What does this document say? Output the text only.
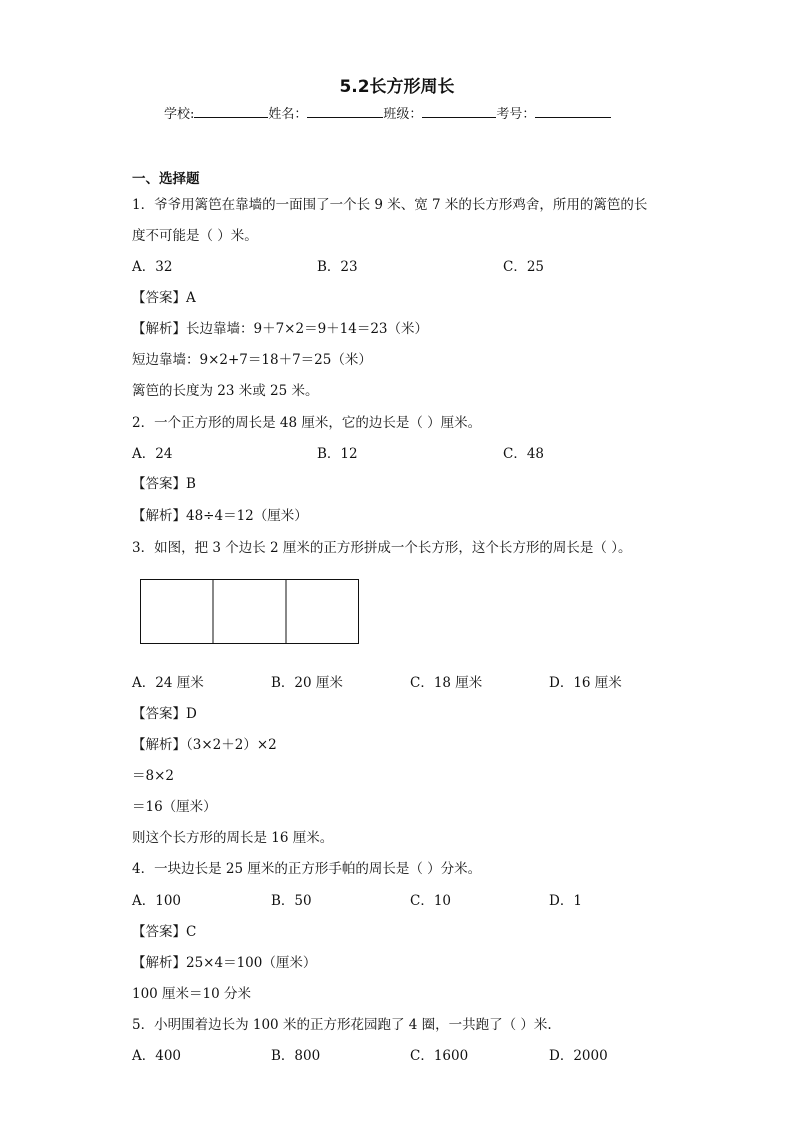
5.2长方形周长
学校:	姓名：	班级：	考号：
一、选择题
1．爷爷用篱笆在靠墙的一面围了一个长 9 米、宽 7 米的长方形鸡舍，所用的篱笆的长
度不可能是（ ）米。
A．32	B．23	C．25
【答案】A
【解析】长边靠墙：9＋7×2＝9＋14＝23（米）
短边靠墙：9×2+7＝18＋7＝25（米）
篱笆的长度为 23 米或 25 米。
2．一个正方形的周长是 48 厘米，它的边长是（ ）厘米。
A．24	B．12	C．48
【答案】B
【解析】48÷4＝12（厘米）
3．如图，把 3 个边长 2 厘米的正方形拼成一个长方形，这个长方形的周长是（ ）。
A．24 厘米	B．20 厘米	C．18 厘米	D．16 厘米
【答案】D
【解析】（3×2＋2）×2
＝8×2
＝16（厘米）
则这个长方形的周长是 16 厘米。
4．一块边长是 25 厘米的正方形手帕的周长是（ ）分米。
A．100	B．50	C．10	D．1
【答案】C
【解析】25×4＝100（厘米）
100 厘米＝10 分米
5．小明围着边长为 100 米的正方形花园跑了 4 圈，一共跑了（ ）米.
A．400	B．800	C．1600	D．2000
